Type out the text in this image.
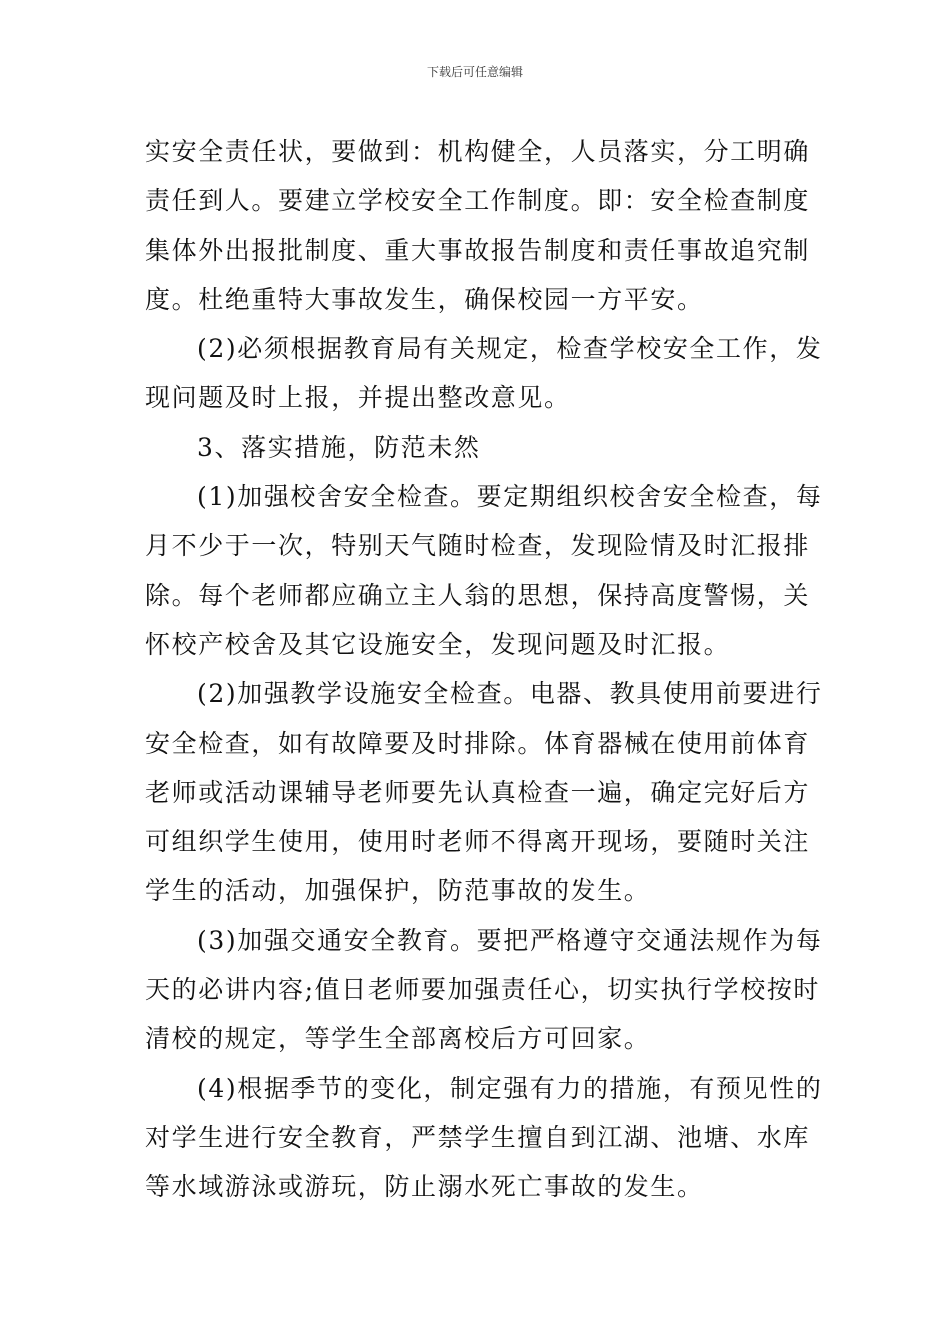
下载后可任意编辑

实安全责任状，要做到：机构健全，人员落实，分工明确
责任到人。要建立学校安全工作制度。即：安全检查制度
集体外出报批制度、重大事故报告制度和责任事故追究制
度。杜绝重特大事故发生，确保校园一方平安。

(2)必须根据教育局有关规定，检查学校安全工作，发
现问题及时上报，并提出整改意见。

3、落实措施，防范未然

(1)加强校舍安全检查。要定期组织校舍安全检查，每
月不少于一次，特别天气随时检查，发现险情及时汇报排
除。每个老师都应确立主人翁的思想，保持高度警惕，关
怀校产校舍及其它设施安全，发现问题及时汇报。

(2)加强教学设施安全检查。电器、教具使用前要进行
安全检查，如有故障要及时排除。体育器械在使用前体育
老师或活动课辅导老师要先认真检查一遍，确定完好后方
可组织学生使用，使用时老师不得离开现场，要随时关注
学生的活动，加强保护，防范事故的发生。

(3)加强交通安全教育。要把严格遵守交通法规作为每
天的必讲内容;值日老师要加强责任心，切实执行学校按时
清校的规定，等学生全部离校后方可回家。

(4)根据季节的变化，制定强有力的措施，有预见性的
对学生进行安全教育，严禁学生擅自到江湖、池塘、水库
等水域游泳或游玩，防止溺水死亡事故的发生。
